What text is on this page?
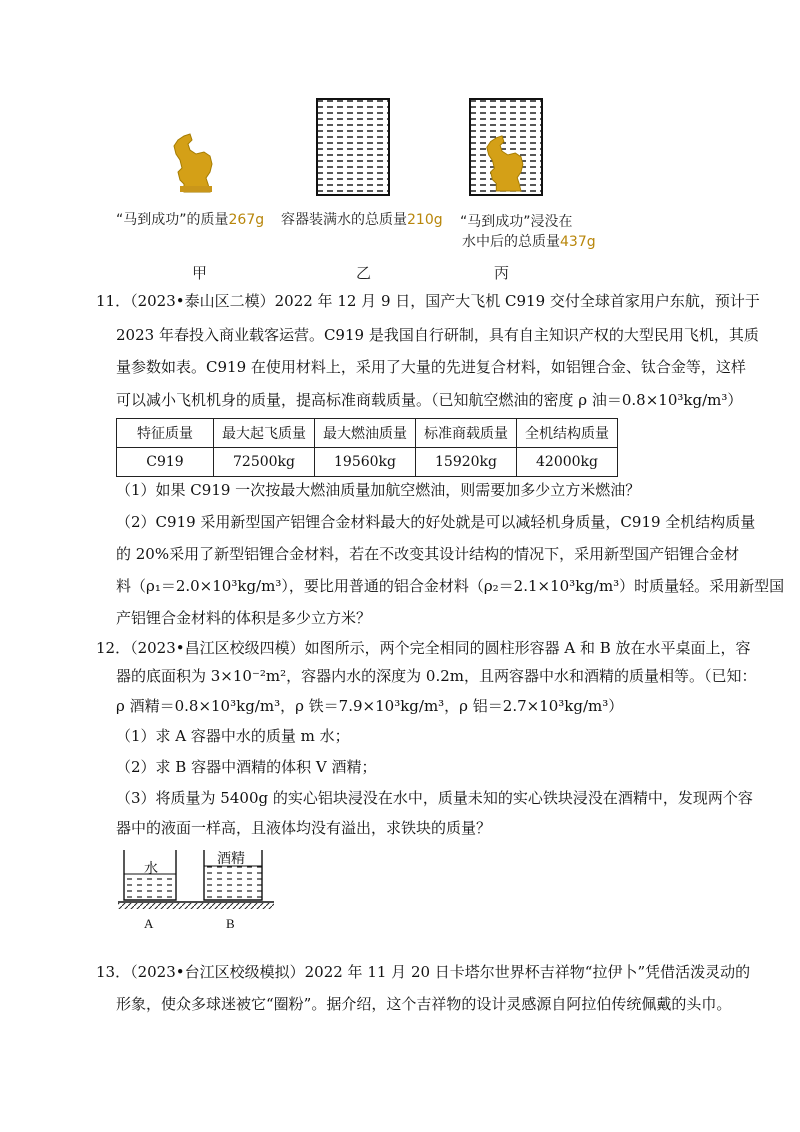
“马到成功”的质量267g 容器装满水的总质量210g “马到成功”浸没在
水中后的总质量437g
甲	乙	丙
11．（2023•泰山区二模）2022 年 12 月 9 日，国产大飞机 C919 交付全球首家用户东航，预计于
2023 年春投入商业载客运营。C919 是我国自行研制，具有自主知识产权的大型民用飞机，其质
量参数如表。C919 在使用材料上，采用了大量的先进复合材料，如铝锂合金、钛合金等，这样
可以减小飞机机身的质量，提高标准商载质量。（已知航空燃油的密度 ρ 油＝0.8×10³kg/m³）
特征质量	最大起飞质量	最大燃油质量	标准商载质量	全机结构质量
C919	72500kg	19560kg	15920kg	42000kg
（1）如果 C919 一次按最大燃油质量加航空燃油，则需要加多少立方米燃油？
（2）C919 采用新型国产铝锂合金材料最大的好处就是可以减轻机身质量，C919 全机结构质量
的 20%采用了新型铝锂合金材料，若在不改变其设计结构的情况下，采用新型国产铝锂合金材
料（ρ₁＝2.0×10³kg/m³），要比用普通的铝合金材料（ρ₂＝2.1×10³kg/m³）时质量轻。采用新型国
产铝锂合金材料的体积是多少立方米？
12．（2023•昌江区校级四模）如图所示，两个完全相同的圆柱形容器 A 和 B 放在水平桌面上，容
器的底面积为 3×10⁻²m²，容器内水的深度为 0.2m，且两容器中水和酒精的质量相等。（已知：
ρ 酒精＝0.8×10³kg/m³，ρ 铁＝7.9×10³kg/m³，ρ 铝＝2.7×10³kg/m³）
（1）求 A 容器中水的质量 m 水；
（2）求 B 容器中酒精的体积 V 酒精；
（3）将质量为 5400g 的实心铝块浸没在水中，质量未知的实心铁块浸没在酒精中，发现两个容
器中的液面一样高，且液体均没有溢出，求铁块的质量？
水
酒精
A	B
13．（2023•台江区校级模拟）2022 年 11 月 20 日卡塔尔世界杯吉祥物“拉伊卜”凭借活泼灵动的
形象，使众多球迷被它“圈粉”。据介绍，这个吉祥物的设计灵感源自阿拉伯传统佩戴的头巾。
